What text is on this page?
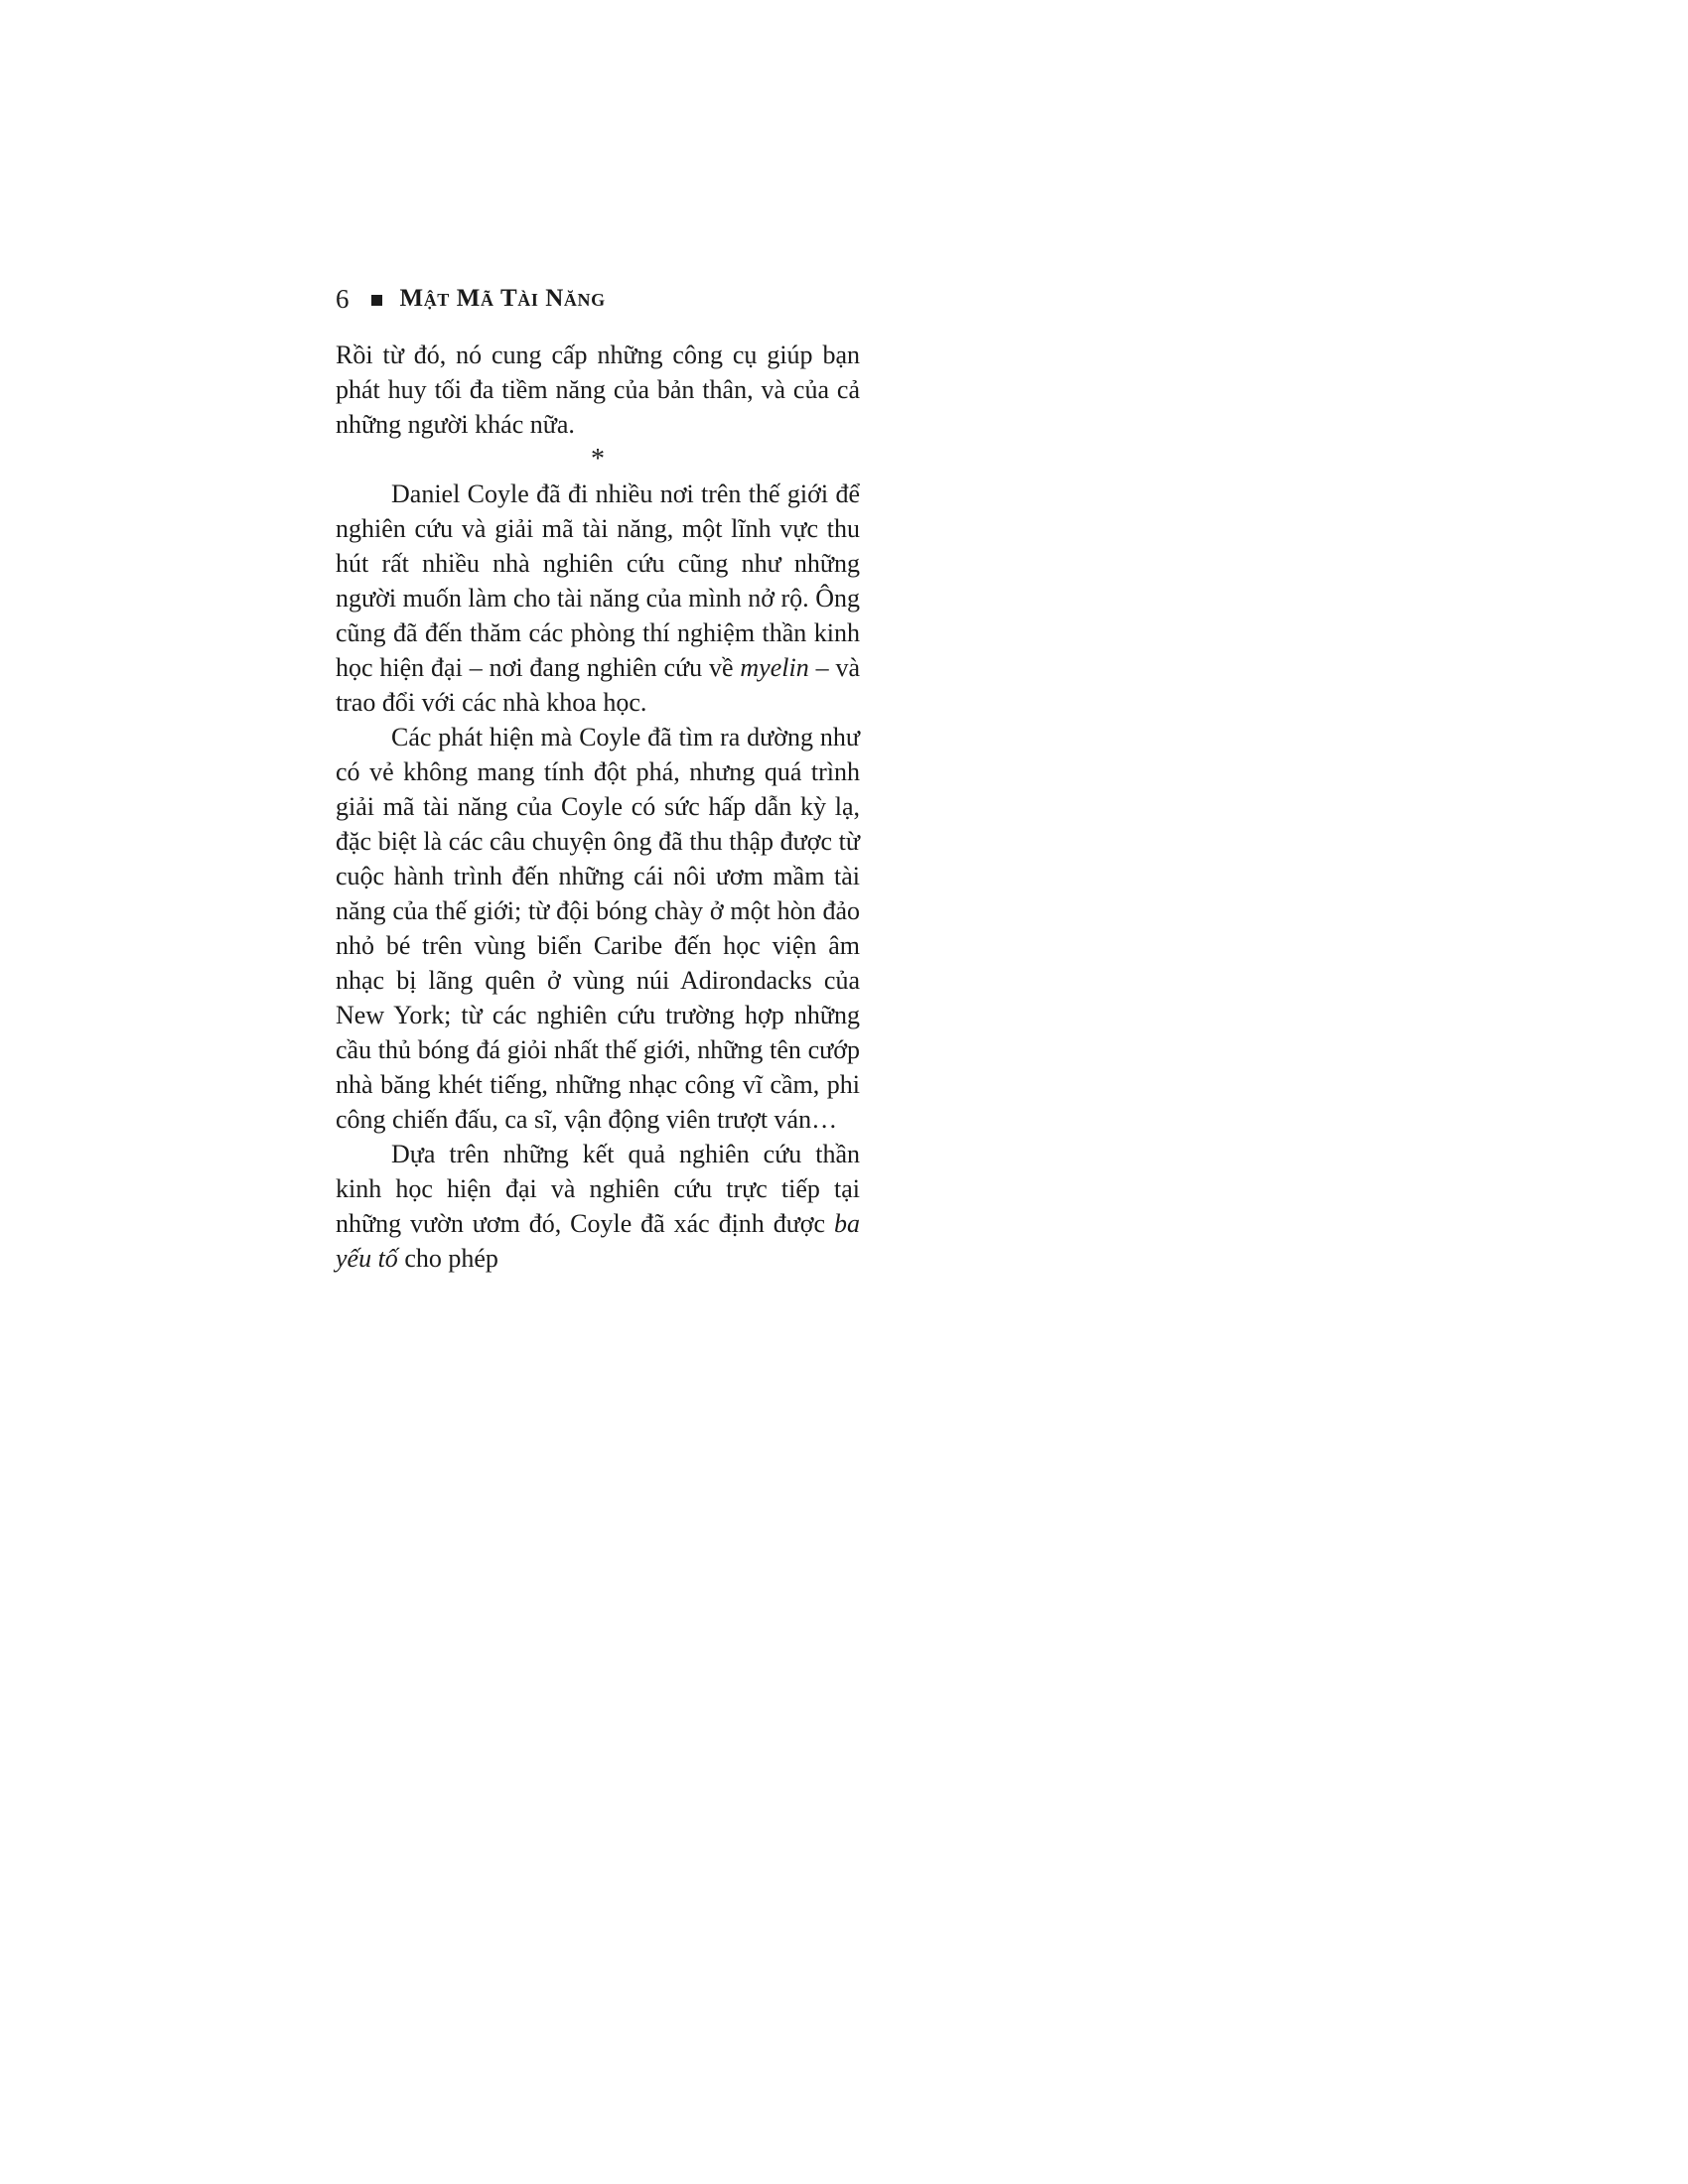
6 Mật Mã Tài Năng

Rồi từ đó, nó cung cấp những công cụ giúp bạn phát huy tối đa tiềm năng của bản thân, và của cả những người khác nữa.

*

Daniel Coyle đã đi nhiều nơi trên thế giới để nghiên cứu và giải mã tài năng, một lĩnh vực thu hút rất nhiều nhà nghiên cứu cũng như những người muốn làm cho tài năng của mình nở rộ. Ông cũng đã đến thăm các phòng thí nghiệm thần kinh học hiện đại – nơi đang nghiên cứu về myelin – và trao đổi với các nhà khoa học.

Các phát hiện mà Coyle đã tìm ra dường như có vẻ không mang tính đột phá, nhưng quá trình giải mã tài năng của Coyle có sức hấp dẫn kỳ lạ, đặc biệt là các câu chuyện ông đã thu thập được từ cuộc hành trình đến những cái nôi ươm mầm tài năng của thế giới; từ đội bóng chày ở một hòn đảo nhỏ bé trên vùng biển Caribe đến học viện âm nhạc bị lãng quên ở vùng núi Adirondacks của New York; từ các nghiên cứu trường hợp những cầu thủ bóng đá giỏi nhất thế giới, những tên cướp nhà băng khét tiếng, những nhạc công vĩ cầm, phi công chiến đấu, ca sĩ, vận động viên trượt ván…

Dựa trên những kết quả nghiên cứu thần kinh học hiện đại và nghiên cứu trực tiếp tại những vườn ươm đó, Coyle đã xác định được ba yếu tố cho phép
